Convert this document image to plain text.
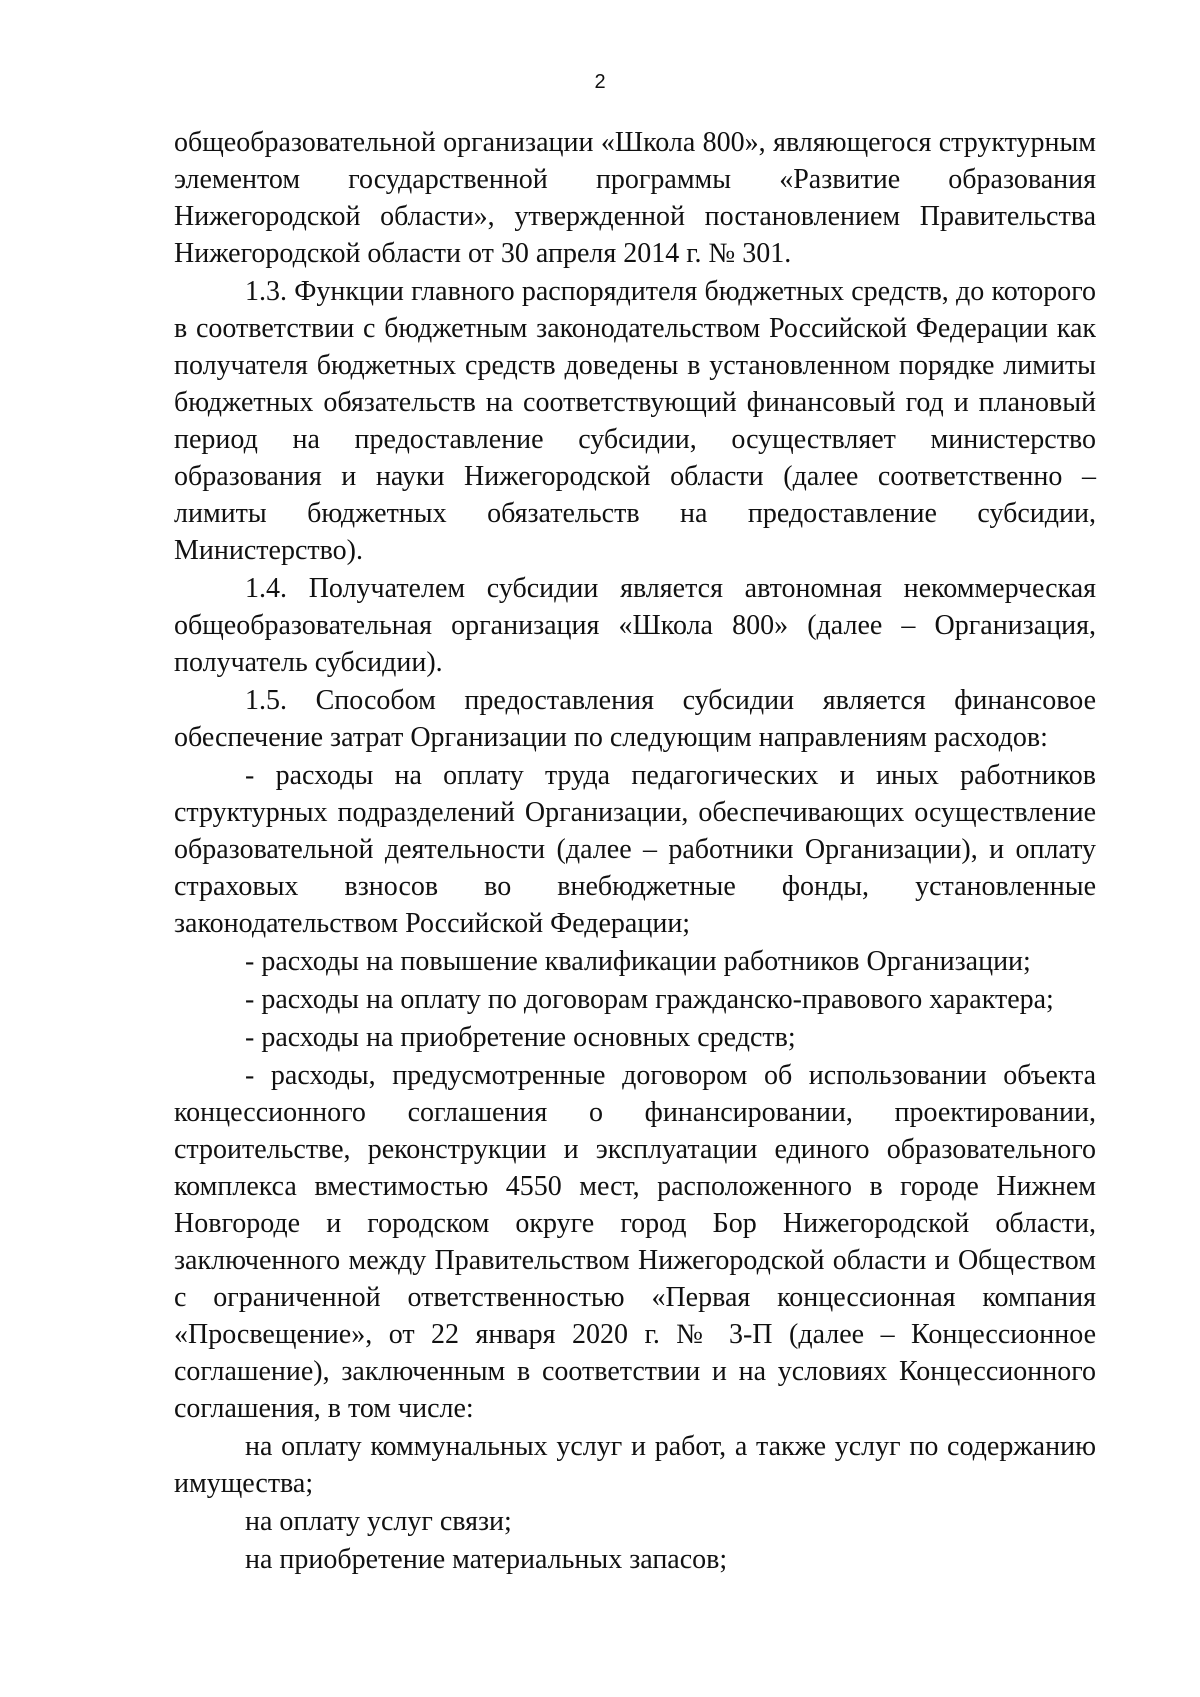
2

общеобразовательной организации «Школа 800», являющегося структурным элементом государственной программы «Развитие образования Нижегородской области», утвержденной постановлением Правительства Нижегородской области от 30 апреля 2014 г. № 301.

1.3. Функции главного распорядителя бюджетных средств, до которого в соответствии с бюджетным законодательством Российской Федерации как получателя бюджетных средств доведены в установленном порядке лимиты бюджетных обязательств на соответствующий финансовый год и плановый период на предоставление субсидии, осуществляет министерство образования и науки Нижегородской области (далее соответственно – лимиты бюджетных обязательств на предоставление субсидии, Министерство).

1.4. Получателем субсидии является автономная некоммерческая общеобразовательная организация «Школа 800» (далее – Организация, получатель субсидии).

1.5. Способом предоставления субсидии является финансовое обеспечение затрат Организации по следующим направлениям расходов:

- расходы на оплату труда педагогических и иных работников структурных подразделений Организации, обеспечивающих осуществление образовательной деятельности (далее – работники Организации), и оплату страховых взносов во внебюджетные фонды, установленные законодательством Российской Федерации;

- расходы на повышение квалификации работников Организации;

- расходы на оплату по договорам гражданско-правового характера;

- расходы на приобретение основных средств;

- расходы, предусмотренные договором об использовании объекта концессионного соглашения о финансировании, проектировании, строительстве, реконструкции и эксплуатации единого образовательного комплекса вместимостью 4550 мест, расположенного в городе Нижнем Новгороде и городском округе город Бор Нижегородской области, заключенного между Правительством Нижегородской области и Обществом с ограниченной ответственностью «Первая концессионная компания «Просвещение», от 22 января 2020 г. № 3-П (далее – Концессионное соглашение), заключенным в соответствии и на условиях Концессионного соглашения, в том числе:

на оплату коммунальных услуг и работ, а также услуг по содержанию имущества;

на оплату услуг связи;

на приобретение материальных запасов;
